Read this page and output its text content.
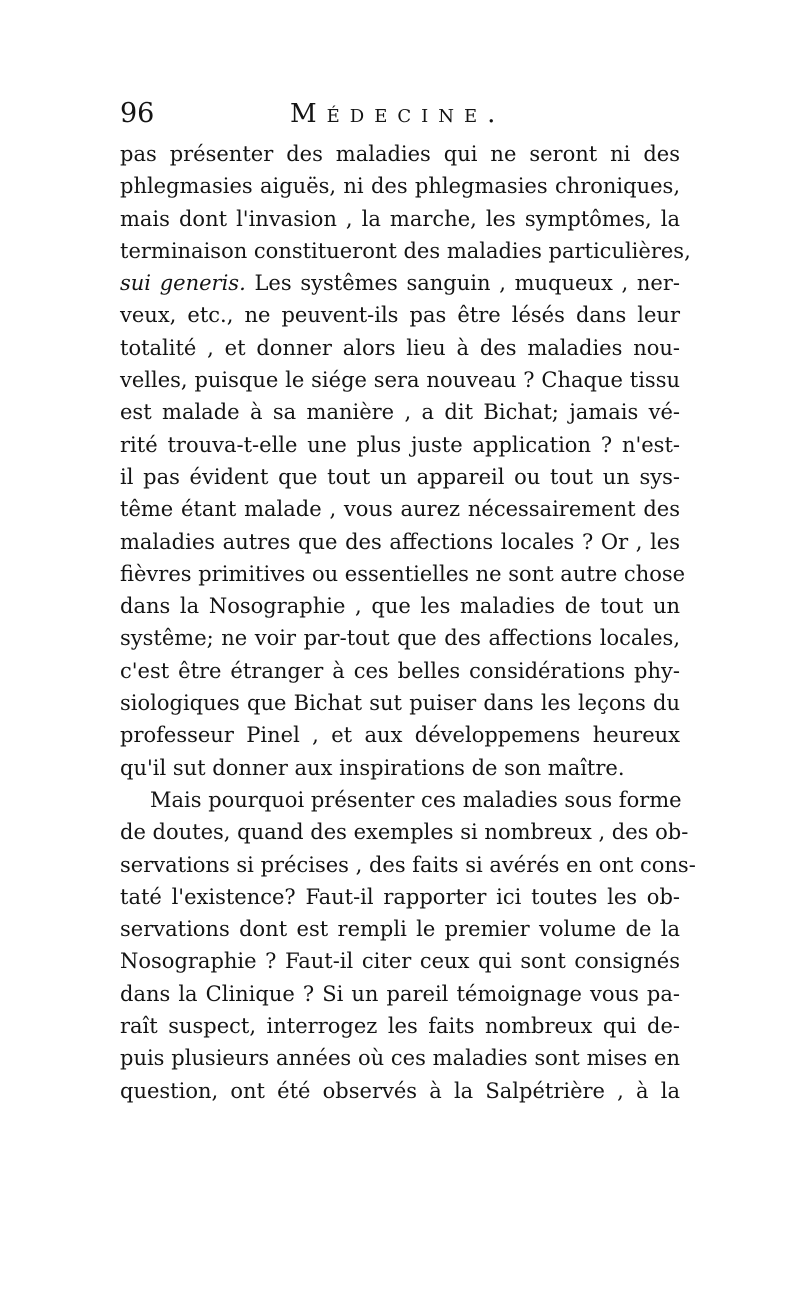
96	Médecine.
pas présenter des maladies qui ne seront ni des
phlegmasies aiguës, ni des phlegmasies chroniques,
mais dont l'invasion , la marche, les symptômes, la
terminaison constitueront des maladies particulières,
sui generis. Les systêmes sanguin , muqueux , ner-
veux, etc., ne peuvent-ils pas être lésés dans leur
totalité , et donner alors lieu à des maladies nou-
velles, puisque le siége sera nouveau ? Chaque tissu
est malade à sa manière , a dit Bichat; jamais vé-
rité trouva-t-elle une plus juste application ? n'est-
il pas évident que tout un appareil ou tout un sys-
tême étant malade , vous aurez nécessairement des
maladies autres que des affections locales ? Or , les
fièvres primitives ou essentielles ne sont autre chose
dans la Nosographie , que les maladies de tout un
systême; ne voir par-tout que des affections locales,
c'est être étranger à ces belles considérations phy-
siologiques que Bichat sut puiser dans les leçons du
professeur Pinel , et aux développemens heureux
qu'il sut donner aux inspirations de son maître.
Mais pourquoi présenter ces maladies sous forme
de doutes, quand des exemples si nombreux , des ob-
servations si précises , des faits si avérés en ont cons-
taté l'existence? Faut-il rapporter ici toutes les ob-
servations dont est rempli le premier volume de la
Nosographie ? Faut-il citer ceux qui sont consignés
dans la Clinique ? Si un pareil témoignage vous pa-
raît suspect, interrogez les faits nombreux qui de-
puis plusieurs années où ces maladies sont mises en
question, ont été observés à la Salpétrière , à la
